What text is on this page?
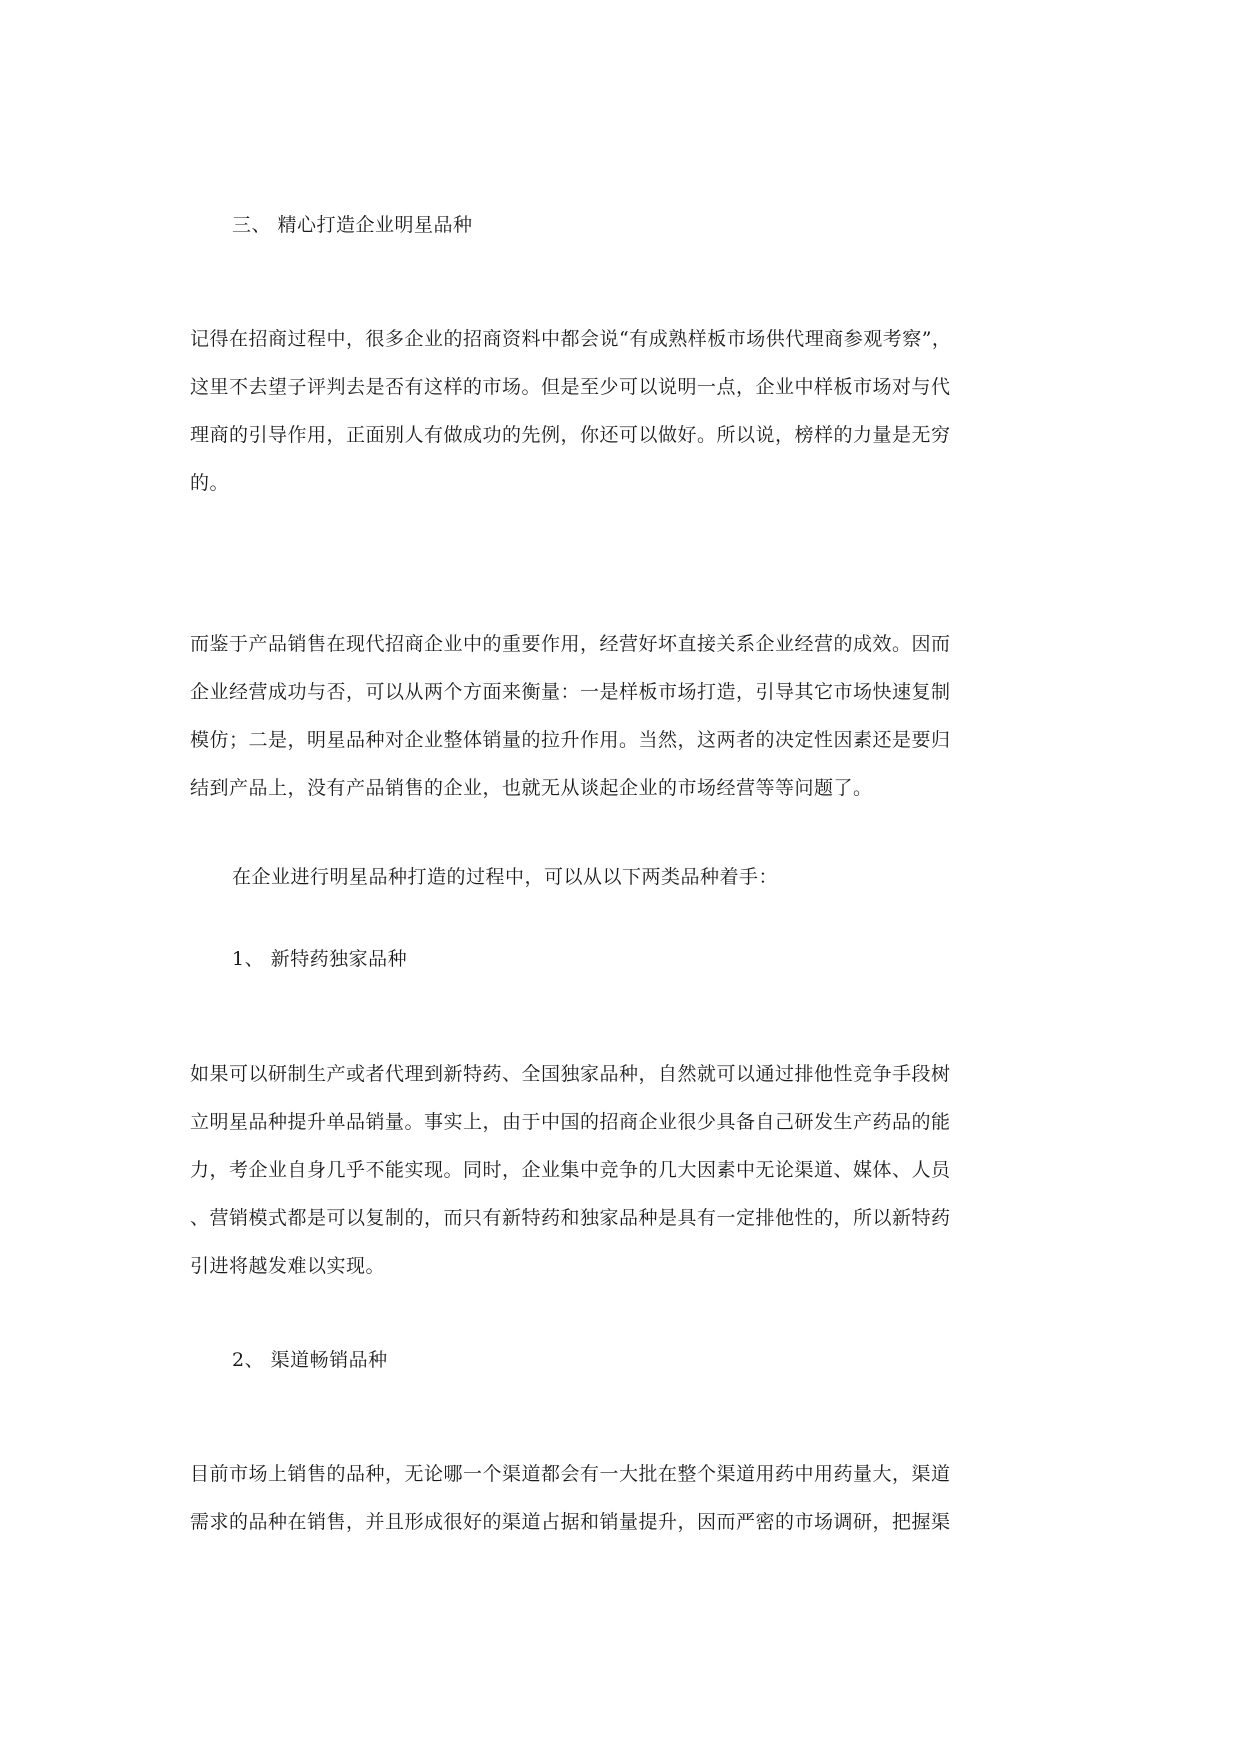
三、 精心打造企业明星品种

记得在招商过程中，很多企业的招商资料中都会说“有成熟样板市场供代理商参观考察”，
这里不去望子评判去是否有这样的市场。但是至少可以说明一点，企业中样板市场对与代
理商的引导作用，正面别人有做成功的先例，你还可以做好。所以说，榜样的力量是无穷
的。

而鉴于产品销售在现代招商企业中的重要作用，经营好坏直接关系企业经营的成效。因而
企业经营成功与否，可以从两个方面来衡量：一是样板市场打造，引导其它市场快速复制
模仿；二是，明星品种对企业整体销量的拉升作用。当然，这两者的决定性因素还是要归
结到产品上，没有产品销售的企业，也就无从谈起企业的市场经营等等问题了。

在企业进行明星品种打造的过程中，可以从以下两类品种着手：

1、 新特药独家品种

如果可以研制生产或者代理到新特药、全国独家品种，自然就可以通过排他性竞争手段树
立明星品种提升单品销量。事实上，由于中国的招商企业很少具备自己研发生产药品的能
力，考企业自身几乎不能实现。同时，企业集中竞争的几大因素中无论渠道、媒体、人员
、营销模式都是可以复制的，而只有新特药和独家品种是具有一定排他性的，所以新特药
引进将越发难以实现。

2、 渠道畅销品种

目前市场上销售的品种，无论哪一个渠道都会有一大批在整个渠道用药中用药量大，渠道
需求的品种在销售，并且形成很好的渠道占据和销量提升，因而严密的市场调研，把握渠
